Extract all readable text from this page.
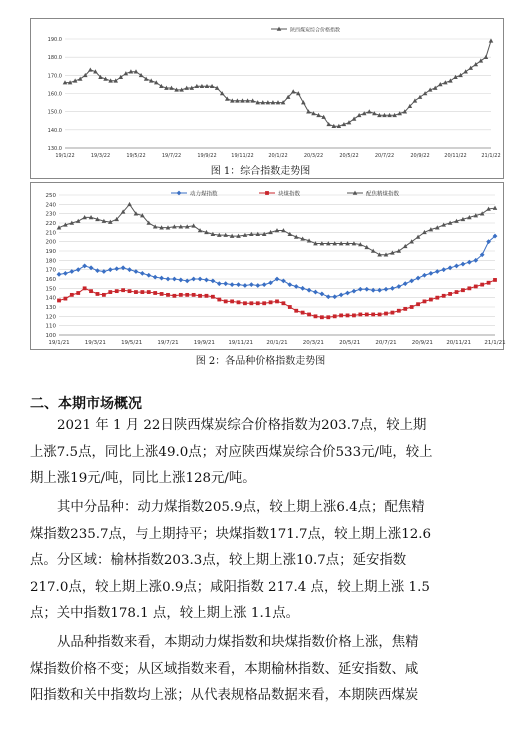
130.0
140.0
150.0
160.0
170.0
180.0
190.0
19/1/22	19/3/22	19/5/22	19/7/22	19/9/22	19/11/22	20/1/22	20/3/22	20/5/22	20/7/22	20/9/22	20/11/22	21/1/22
陕西煤炭综合价格指数
图 1：综合指数走势图
100
110
120
130
140
150
160
170
180
190
200
210
220
230
240
250
19/1/21	19/3/21	19/5/21	19/7/21	19/9/21 19/11/21 20/1/21	20/3/21	20/5/21	20/7/21	20/9/21 20/11/21 21/1/21
动力煤指数	块煤指数	配焦精煤指数
图 2：各品种价格指数走势图
二、本期市场概况
2021 年 1 月 22日陕西煤炭综合价格指数为203.7点，较上期
上涨7.5点，同比上涨49.0点；对应陕西煤炭综合价533元/吨，较上
期上涨19元/吨，同比上涨128元/吨。
其中分品种：动力煤指数205.9点，较上期上涨6.4点；配焦精
煤指数235.7点，与上期持平；块煤指数171.7点，较上期上涨12.6
点。分区域：榆林指数203.3点，较上期上涨10.7点；延安指数
217.0点，较上期上涨0.9点；咸阳指数 217.4 点，较上期上涨 1.5
点；关中指数178.1 点，较上期上涨 1.1点。
从品种指数来看，本期动力煤指数和块煤指数价格上涨，焦精
煤指数价格不变；从区域指数来看，本期榆林指数、延安指数、咸
阳指数和关中指数均上涨；从代表规格品数据来看，本期陕西煤炭
